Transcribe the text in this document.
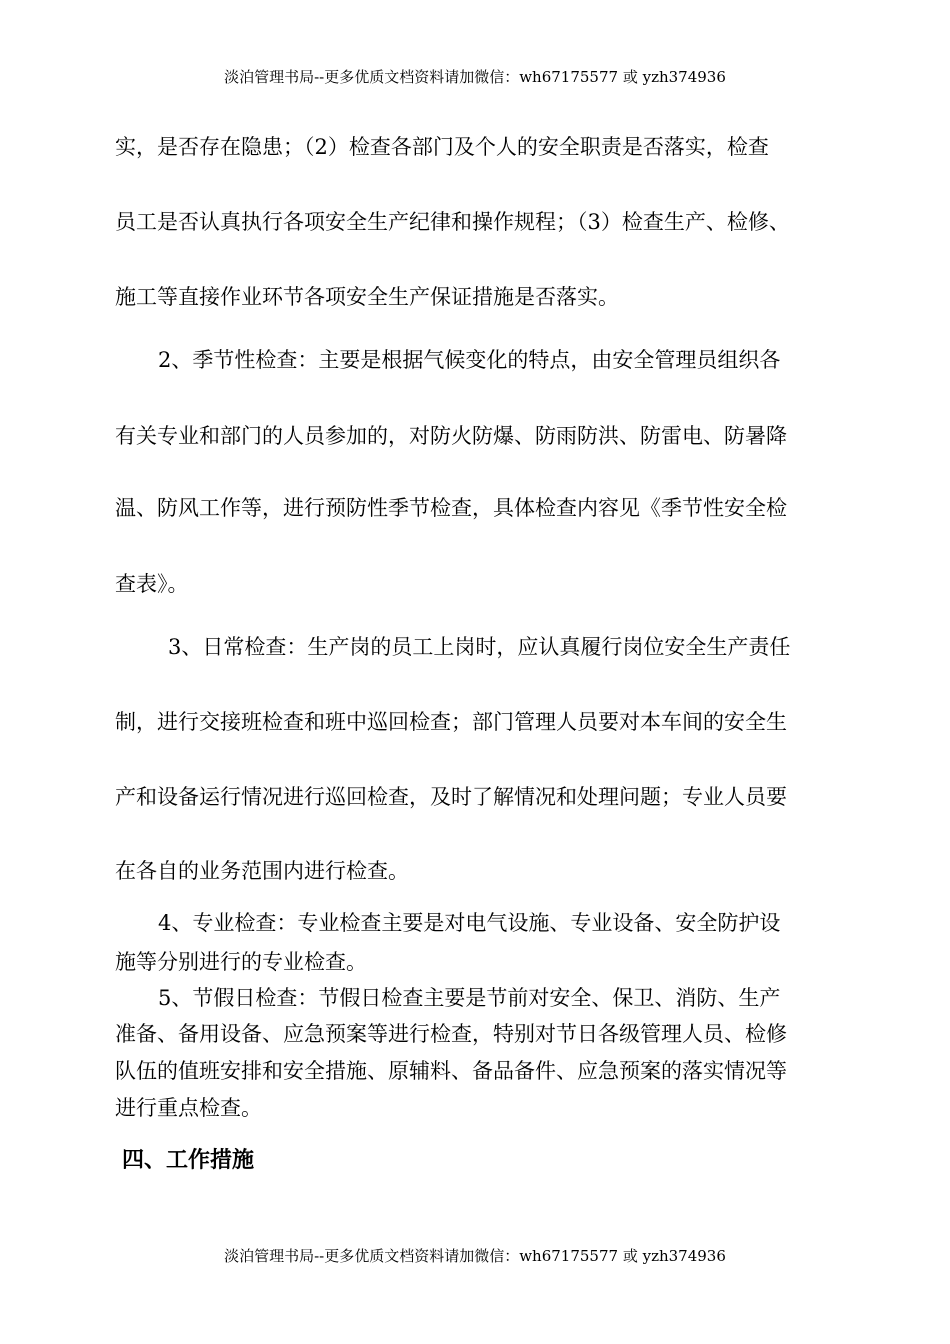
淡泊管理书局--更多优质文档资料请加微信：wh67175577 或 yzh374936
实，是否存在隐患；（2）检查各部门及个人的安全职责是否落实，检查
员工是否认真执行各项安全生产纪律和操作规程；（3）检查生产、检修、
施工等直接作业环节各项安全生产保证措施是否落实。
2、季节性检查：主要是根据气候变化的特点，由安全管理员组织各
有关专业和部门的人员参加的，对防火防爆、防雨防洪、防雷电、防暑降
温、防风工作等，进行预防性季节检查，具体检查内容见《季节性安全检
查表》。
3、日常检查：生产岗的员工上岗时，应认真履行岗位安全生产责任
制，进行交接班检查和班中巡回检查；部门管理人员要对本车间的安全生
产和设备运行情况进行巡回检查，及时了解情况和处理问题；专业人员要
在各自的业务范围内进行检查。
4、专业检查：专业检查主要是对电气设施、专业设备、安全防护设
施等分别进行的专业检查。
5、节假日检查：节假日检查主要是节前对安全、保卫、消防、生产
准备、备用设备、应急预案等进行检查，特别对节日各级管理人员、检修
队伍的值班安排和安全措施、原辅料、备品备件、应急预案的落实情况等
进行重点检查。
四、工作措施
淡泊管理书局--更多优质文档资料请加微信：wh67175577 或 yzh374936
